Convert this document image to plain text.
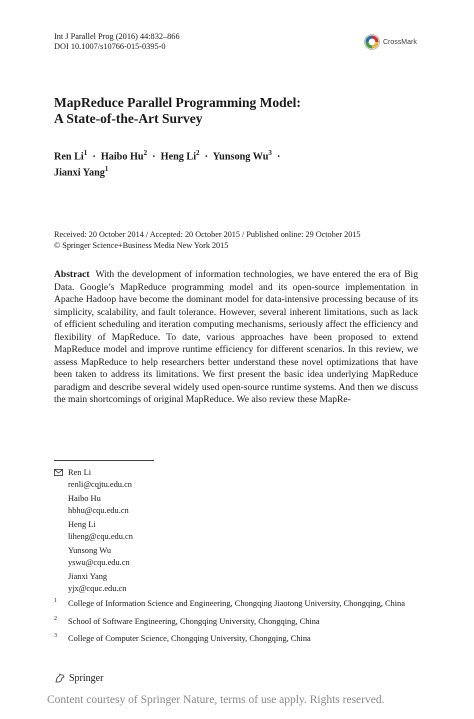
Int J Parallel Prog (2016) 44:832–866
DOI 10.1007/s10766-015-0395-0	CrossMark
MapReduce Parallel Programming Model:
A State-of-the-Art Survey
Ren Li$^1$  ·  Haibo Hu$^2$  ·  Heng Li$^2$  ·  Yunsong Wu$^3$  ·
Jianxi Yang$^1$
Received: 20 October 2014 / Accepted: 20 October 2015 / Published online: 29 October 2015
© Springer Science+Business Media New York 2015
Abstract With the development of information technologies, we have entered the era of Big Data. Google’s MapReduce programming model and its open-source implementation in Apache Hadoop have become the dominant model for data-intensive processing because of its simplicity, scalability, and fault tolerance. However, several inherent limitations, such as lack of efficient scheduling and iteration computing mechanisms, seriously affect the efficiency and flexibility of MapReduce. To date, various approaches have been proposed to extend MapReduce model and improve runtime efficiency for different scenarios. In this review, we assess MapReduce to help researchers better understand these novel optimizations that have been taken to address its limitations. We first present the basic idea underlying MapReduce paradigm and describe several widely used open-source runtime systems. And then we discuss the main shortcomings of original MapReduce. We also review these MapRe-
Ren Li
renli@cqjtu.edu.cn
Haibo Hu
hbhu@cqu.edu.cn
Heng Li
liheng@cqu.edu.cn
Yunsong Wu
yswu@cqu.edu.cn
Jianxi Yang
yjx@cquc.edu.cn
1 College of Information Science and Engineering, Chongqing Jiaotong University, Chongqing, China
2 School of Software Engineering, Chongqing University, Chongqing, China
3 College of Computer Science, Chongqing University, Chongqing, China
Springer
Content courtesy of Springer Nature, terms of use apply. Rights reserved.
